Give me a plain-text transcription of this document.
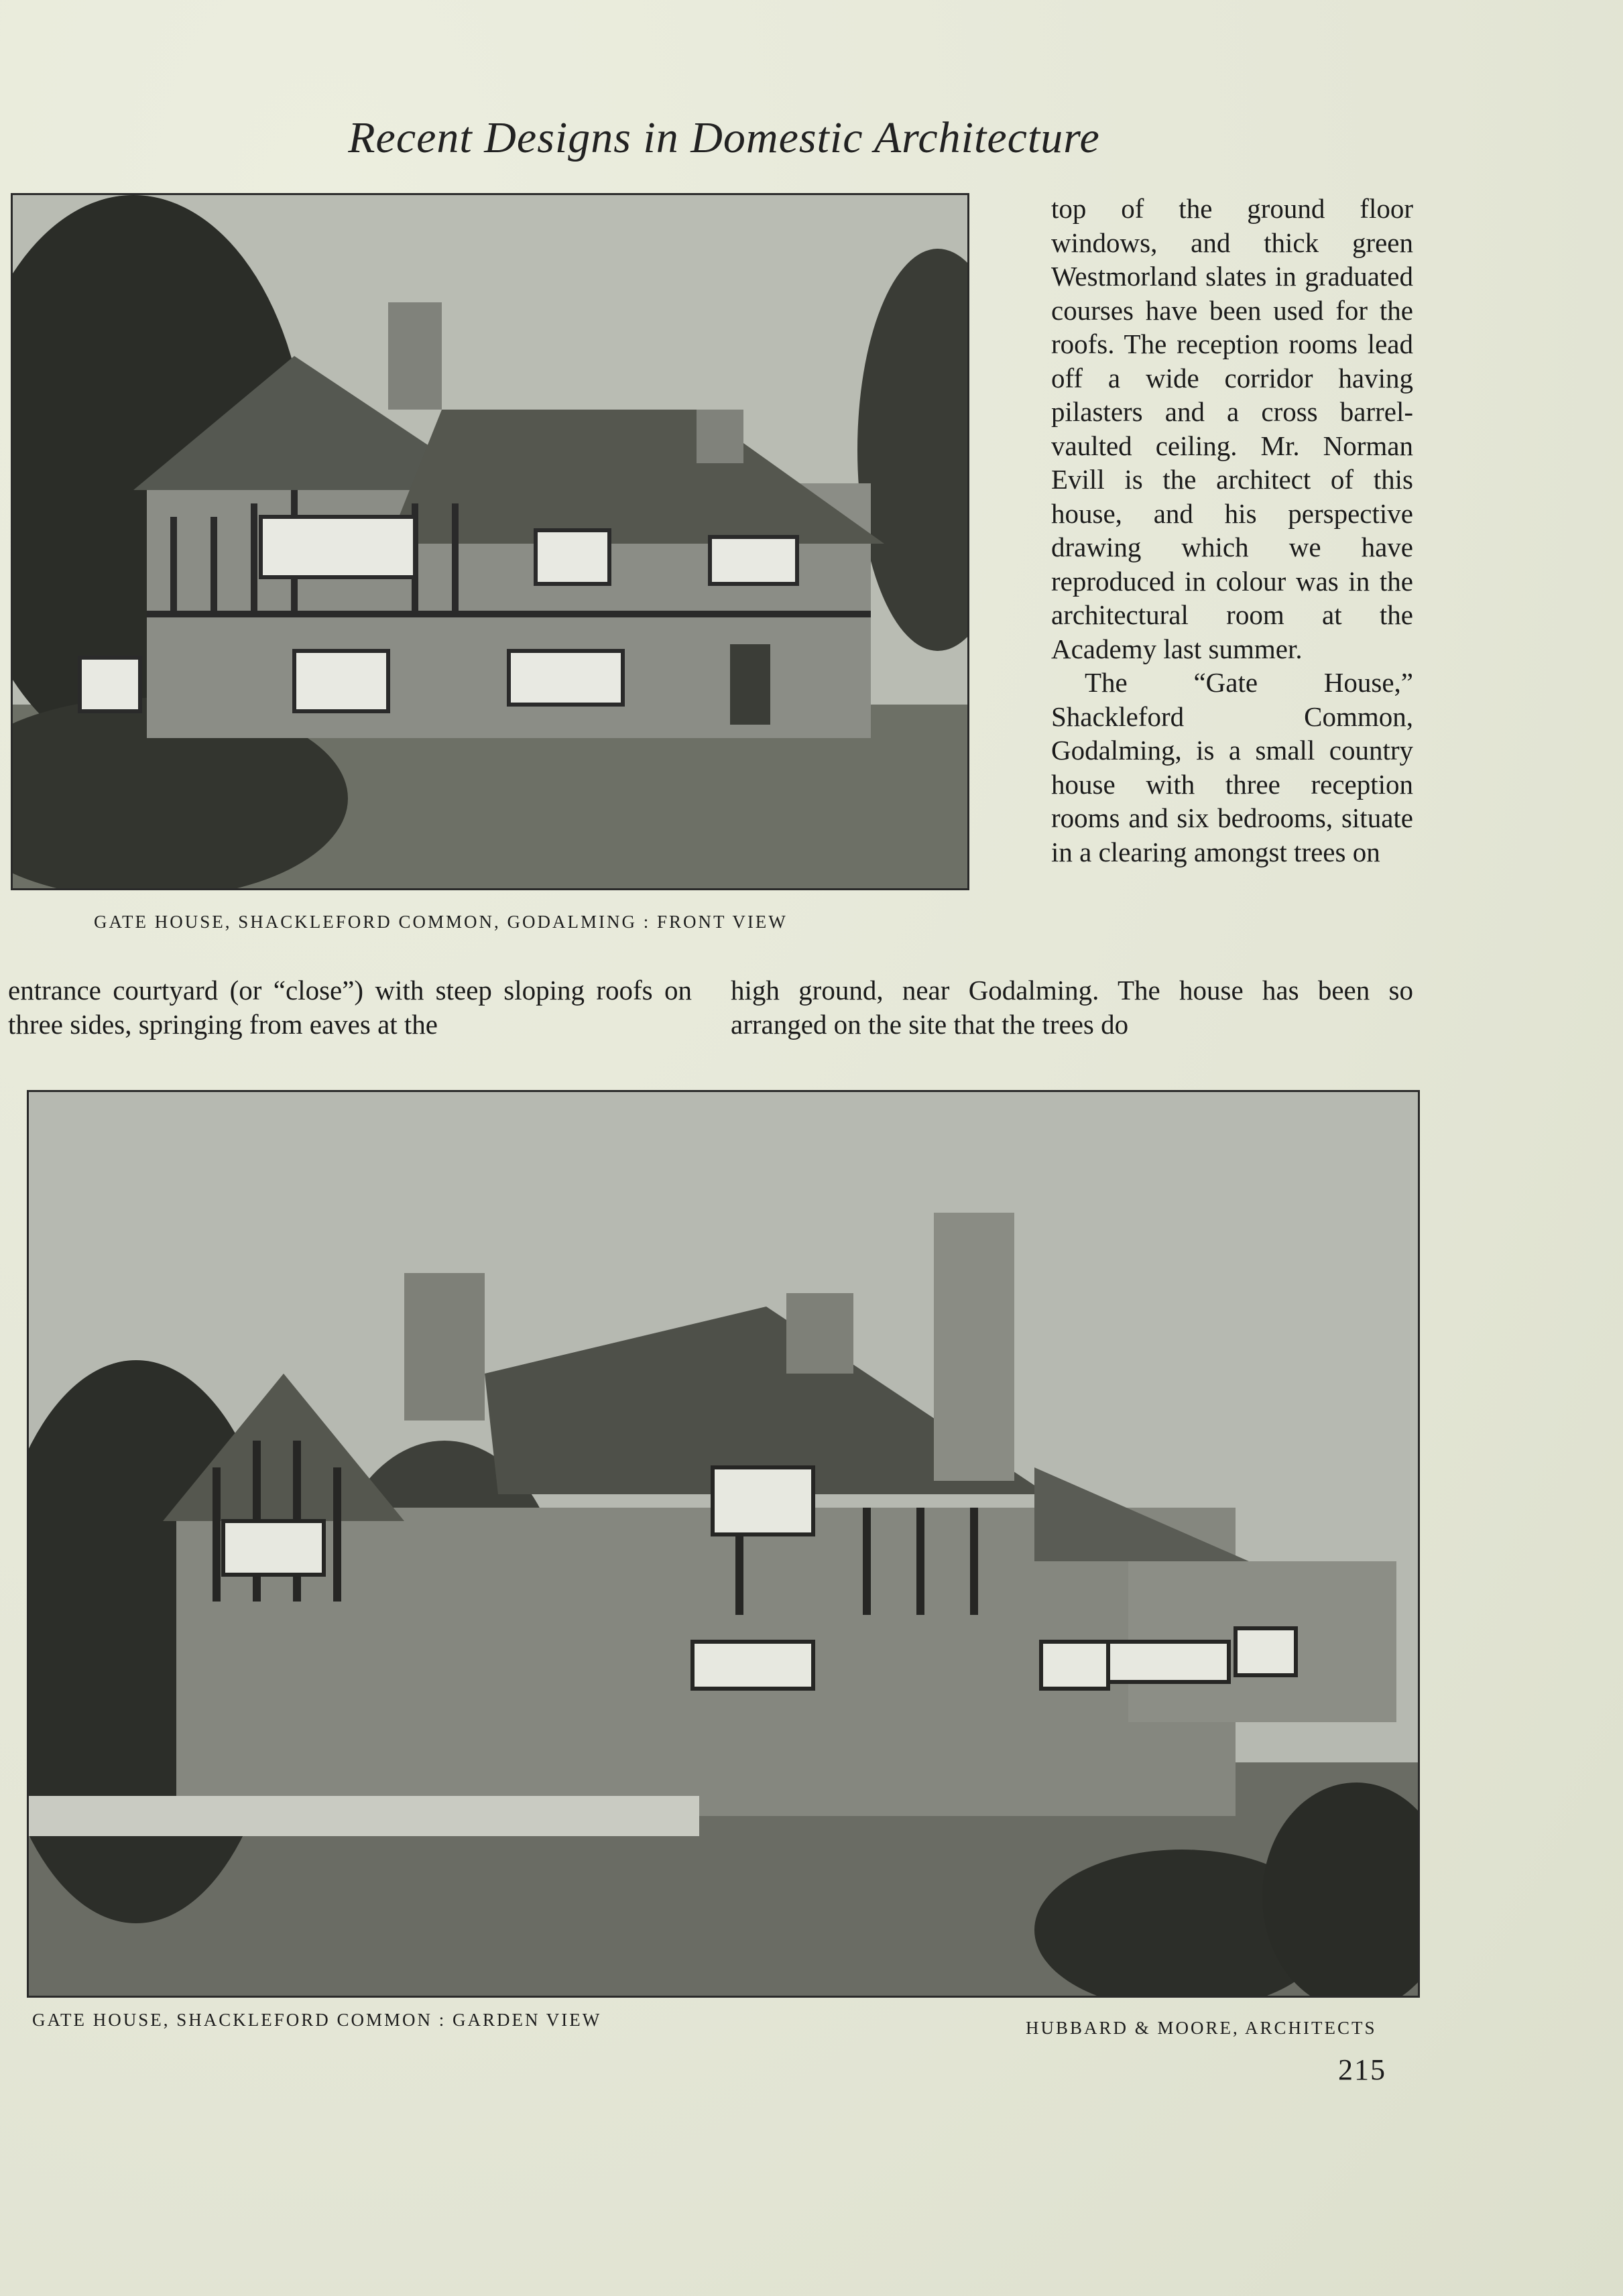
Recent Designs in Domestic Architecture
GATE HOUSE, SHACKLEFORD COMMON, GODALMING : FRONT VIEW

top of the ground floor windows, and thick green Westmorland slates in graduated courses have been used for the roofs. The reception rooms lead off a wide corridor having pilasters and a cross barrel-vaulted ceiling. Mr. Norman Evill is the architect of this house, and his perspective drawing which we have reproduced in colour was in the architectural room at the Academy last summer.

The “Gate House,” Shackleford Common, Godalming, is a small country house with three reception rooms and six bedrooms, situate in a clearing amongst trees on

entrance courtyard (or “close”) with steep sloping roofs on three sides, springing from eaves at the
high ground, near Godalming. The house has been so arranged on the site that the trees do
GATE HOUSE, SHACKLEFORD COMMON : GARDEN VIEW	HUBBARD & MOORE, ARCHITECTS
215
